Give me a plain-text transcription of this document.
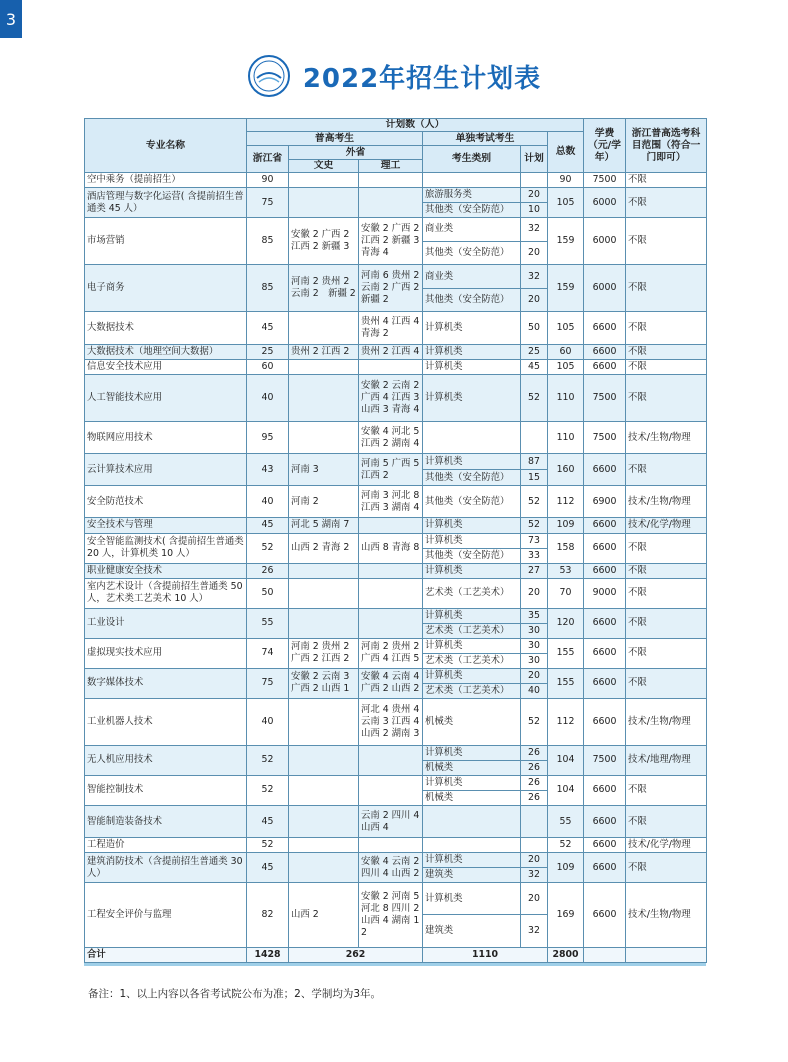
3
2022年招生计划表
专业名称	计划数（人）						学费（元/学年）	浙江普高选考科目范围（符合一门即可）
	普高考生			单独考试考生		总数		
	浙江省	外省		考生类别	计划			
		文史	理工					
空中乘务（提前招生）	90					90	7500	不限
酒店管理与数字化运营( 含提前招生普通类 45 人）	75			旅游服务类	20	105	6000	不限
				其他类（安全防范）	10			
市场营销	85	安徽 2 广西 2 江西 2 新疆 3	安徽 2 广西 2 江西 2 新疆 3 青海 4	商业类	32	159	6000	不限
				其他类（安全防范）	20			
电子商务	85	河南 2 贵州 2 云南 2　新疆 2	河南 6 贵州 2 云南 2 广西 2 新疆 2	商业类	32	159	6000	不限
				其他类（安全防范）	20			
大数据技术	45		贵州 4 江西 4 青海 2	计算机类	50	105	6600	不限
大数据技术（地理空间大数据）	25	贵州 2 江西 2	贵州 2 江西 4	计算机类	25	60	6600	不限
信息安全技术应用	60			计算机类	45	105	6600	不限
人工智能技术应用	40		安徽 2 云南 2 广西 4 江西 3 山西 3 青海 4	计算机类	52	110	7500	不限
物联网应用技术	95		安徽 4 河北 5 江西 2 湖南 4			110	7500	技术/生物/物理
云计算技术应用	43	河南 3	河南 5 广西 5 江西 2	计算机类	87	160	6600	不限
				其他类（安全防范）	15			
安全防范技术	40	河南 2	河南 3 河北 8 江西 3 湖南 4	其他类（安全防范）	52	112	6900	技术/生物/物理
安全技术与管理	45	河北 5 湖南 7		计算机类	52	109	6600	技术/化学/物理
安全智能监测技术( 含提前招生普通类 20 人，计算机类 10 人）	52	山西 2 青海 2	山西 8 青海 8	计算机类	73	158	6600	不限
				其他类（安全防范）	33			
职业健康安全技术	26			计算机类	27	53	6600	不限
室内艺术设计（含提前招生普通类 50 人，艺术类工艺美术 10 人）	50			艺术类（工艺美术）	20	70	9000	不限
工业设计	55			计算机类	35	120	6600	不限
				艺术类（工艺美术）	30			
虚拟现实技术应用	74	河南 2 贵州 2 广西 2 江西 2	河南 2 贵州 2 广西 4 江西 5	计算机类	30	155	6600	不限
				艺术类（工艺美术）	30			
数字媒体技术	75	安徽 2 云南 3 广西 2 山西 1	安徽 4 云南 4 广西 2 山西 2	计算机类	20	155	6600	不限
				艺术类（工艺美术）	40			
工业机器人技术	40		河北 4 贵州 4 云南 3 江西 4 山西 2 湖南 3	机械类	52	112	6600	技术/生物/物理
无人机应用技术	52			计算机类	26	104	7500	技术/地理/物理
				机械类	26			
智能控制技术	52			计算机类	26	104	6600	不限
				机械类	26			
智能制造装备技术	45		云南 2 四川 4 山西 4			55	6600	不限
工程造价	52					52	6600	技术/化学/物理
建筑消防技术（含提前招生普通类 30 人）	45		安徽 4 云南 2 四川 4 山西 2	计算机类	20	109	6600	不限
				建筑类	32			
工程安全评价与监理	82	山西 2	安徽 2 河南 5 河北 8 四川 2 山西 4 湖南 12	计算机类	20	169	6600	技术/生物/物理
				建筑类	32			
合计	1428	262		1110		2800		
备注：1、以上内容以各省考试院公布为准；2、学制均为3年。
